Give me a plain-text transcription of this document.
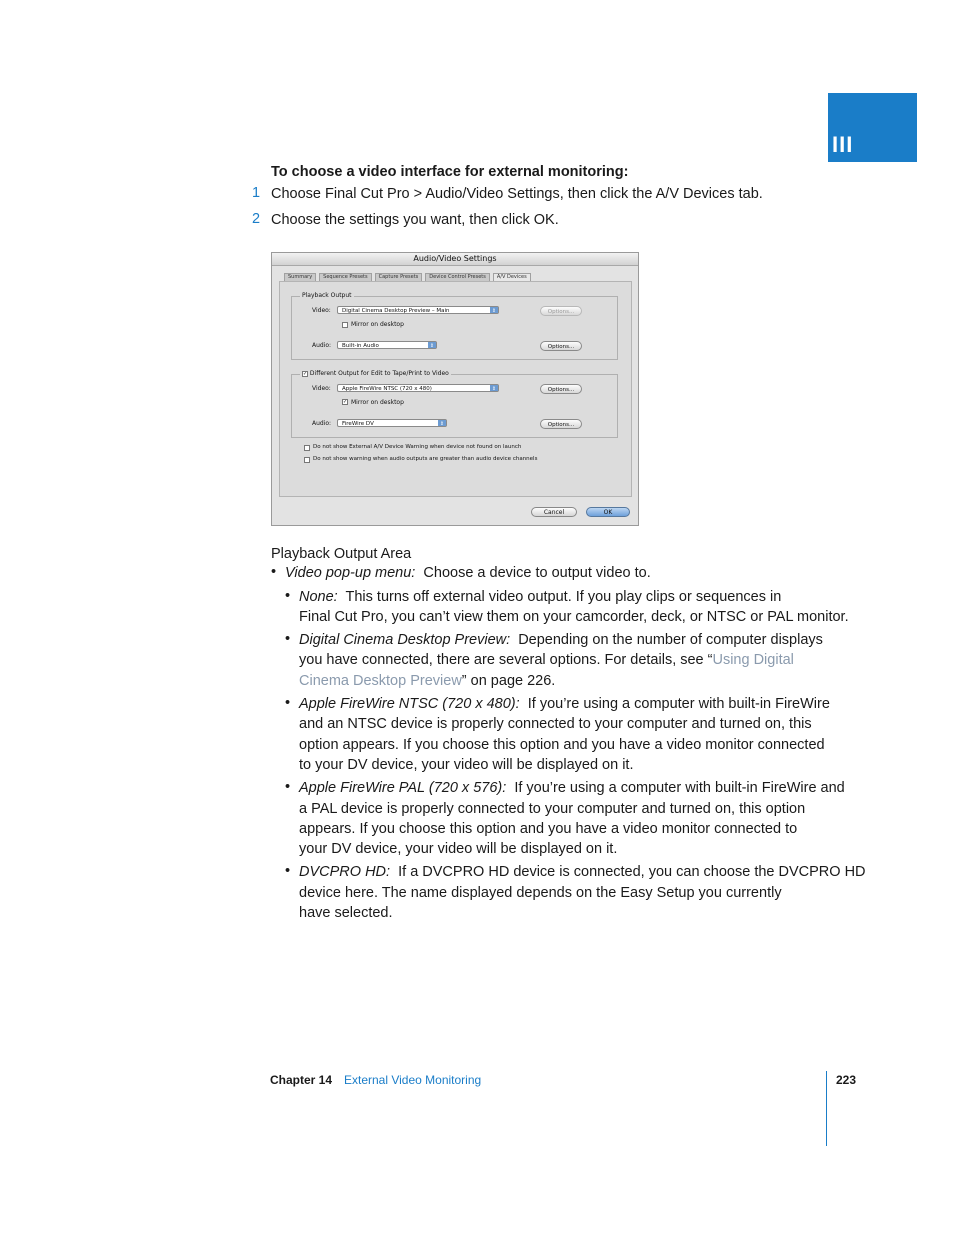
III
To choose a video interface for external monitoring:
1 Choose Final Cut Pro > Audio/Video Settings, then click the A/V Devices tab.
2 Choose the settings you want, then click OK.
Audio/Video Settings
Summary	Sequence Presets	Capture Presets	Device Control Presets	A/V Devices
Playback Output
Video:	Digital Cinema Desktop Preview – Main	⇕	Options...
Mirror on desktop
Audio:	Built-in Audio	⇕	Options...
✓ Different Output for Edit to Tape/Print to Video
Video:	Apple FireWire NTSC (720 x 480)	⇕	Options...
✓ Mirror on desktop
Audio:	FireWire DV	⇕	Options...
Do not show External A/V Device Warning when device not found on launch
Do not show warning when audio outputs are greater than audio device channels
Cancel	OK
Playback Output Area
• Video pop-up menu: Choose a device to output video to.
• None: This turns off external video output. If you play clips or sequences in
Final Cut Pro, you can’t view them on your camcorder, deck, or NTSC or PAL monitor.
• Digital Cinema Desktop Preview: Depending on the number of computer displays
you have connected, there are several options. For details, see “Using Digital
Cinema Desktop Preview” on page 226.
• Apple FireWire NTSC (720 x 480): If you’re using a computer with built-in FireWire
and an NTSC device is properly connected to your computer and turned on, this
option appears. If you choose this option and you have a video monitor connected
to your DV device, your video will be displayed on it.
• Apple FireWire PAL (720 x 576): If you’re using a computer with built-in FireWire and
a PAL device is properly connected to your computer and turned on, this option
appears. If you choose this option and you have a video monitor connected to
your DV device, your video will be displayed on it.
• DVCPRO HD: If a DVCPRO HD device is connected, you can choose the DVCPRO HD
device here. The name displayed depends on the Easy Setup you currently
have selected.
Chapter 14 External Video Monitoring	223
